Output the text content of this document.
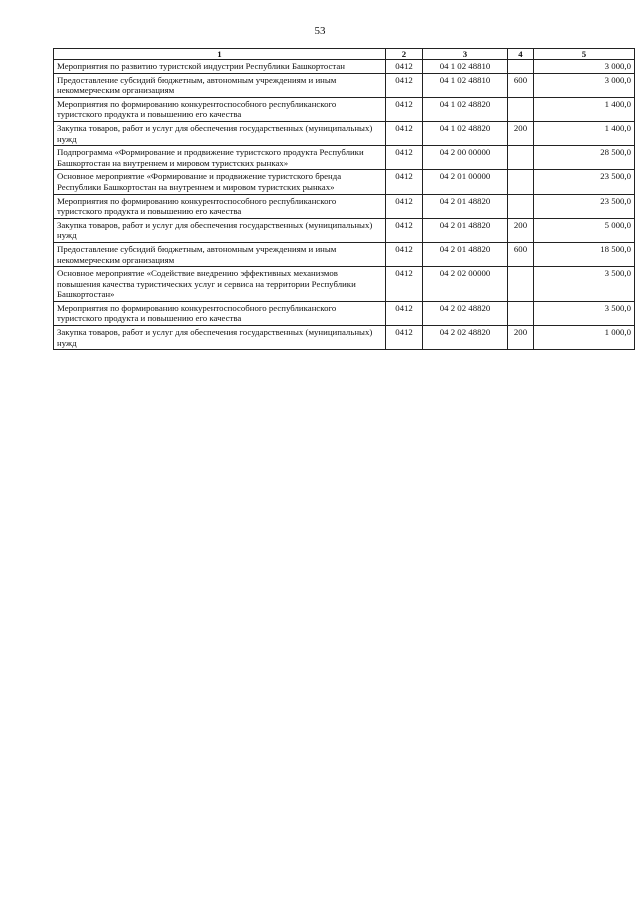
53
1	2	3	4	5
Мероприятия по развитию туристской индустрии Республики Башкортостан	0412	04 1 02 48810		3 000,0
Предоставление субсидий бюджетным, автономным учреждениям и иным некоммерческим организациям	0412	04 1 02 48810	600	3 000,0
Мероприятия по формированию конкурентоспособного республиканского туристского продукта и повышению его качества	0412	04 1 02 48820		1 400,0
Закупка товаров, работ и услуг для обеспечения государственных (муниципальных) нужд	0412	04 1 02 48820	200	1 400,0
Подпрограмма «Формирование и продвижение туристского продукта Республики Башкортостан на внутреннем и мировом туристских рынках»	0412	04 2 00 00000		28 500,0
Основное мероприятие «Формирование и продвижение туристского бренда Республики Башкортостан на внутреннем и мировом туристских рынках»	0412	04 2 01 00000		23 500,0
Мероприятия по формированию конкурентоспособного республиканского туристского продукта и повышению его качества	0412	04 2 01 48820		23 500,0
Закупка товаров, работ и услуг для обеспечения государственных (муниципальных) нужд	0412	04 2 01 48820	200	5 000,0
Предоставление субсидий бюджетным, автономным учреждениям и иным некоммерческим организациям	0412	04 2 01 48820	600	18 500,0
Основное мероприятие «Содействие внедрению эффективных механизмов повышения качества туристических услуг и сервиса на территории Республики Башкортостан»	0412	04 2 02 00000		3 500,0
Мероприятия по формированию конкурентоспособного республиканского туристского продукта и повышению его качества	0412	04 2 02 48820		3 500,0
Закупка товаров, работ и услуг для обеспечения государственных (муниципальных) нужд	0412	04 2 02 48820	200	1 000,0
